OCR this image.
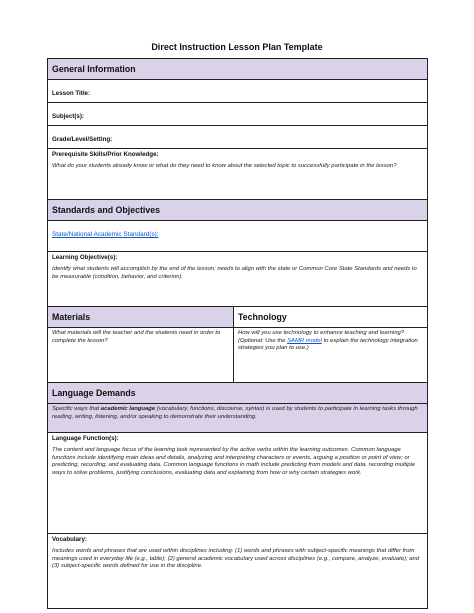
Direct Instruction Lesson Plan Template
General Information	
Lesson Title:	
Subject(s):	
Grade/Level/Setting:	

Prerequisite Skills/Prior Knowledge:
What do your students already know or what do they need to know about the selected topic to successfully participate in the lesson?	

Standards and Objectives	
State/National Academic Standard(s):	

Learning Objective(s):
Identify what students will accomplish by the end of the lesson; needs to align with the state or Common Core State Standards and needs to be measurable (condition, behavior, and criterion).	

Materials	Technology

What materials will the teacher and the students need in order to complete the lesson?	How will you use technology to enhance teaching and learning? (Optional: Use the SAMR model to explain the technology integration strategies you plan to use.)

Language Demands	

Specific ways that academic language (vocabulary, functions, discourse, syntax) is used by students to participate in learning tasks through reading, writing, listening, and/or speaking to demonstrate their understanding.	

Language Function(s):
The content and language focus of the learning task represented by the active verbs within the learning outcomes. Common language functions include identifying main ideas and details, analyzing and interpreting characters or events, arguing a position or point of view; or predicting, recording, and evaluating data. Common language functions in math include predicting from models and data, recording multiple ways to solve problems, justifying conclusions, evaluating data and explaining from how or why certain strategies work.	

Vocabulary:
Includes words and phrases that are used within disciplines including: (1) words and phrases with subject-specific meanings that differ from meanings used in everyday life (e.g., table); (2) general academic vocabulary used across disciplines (e.g., compare, analyze, evaluate); and (3) subject-specific words defined for use in the discipline.	
